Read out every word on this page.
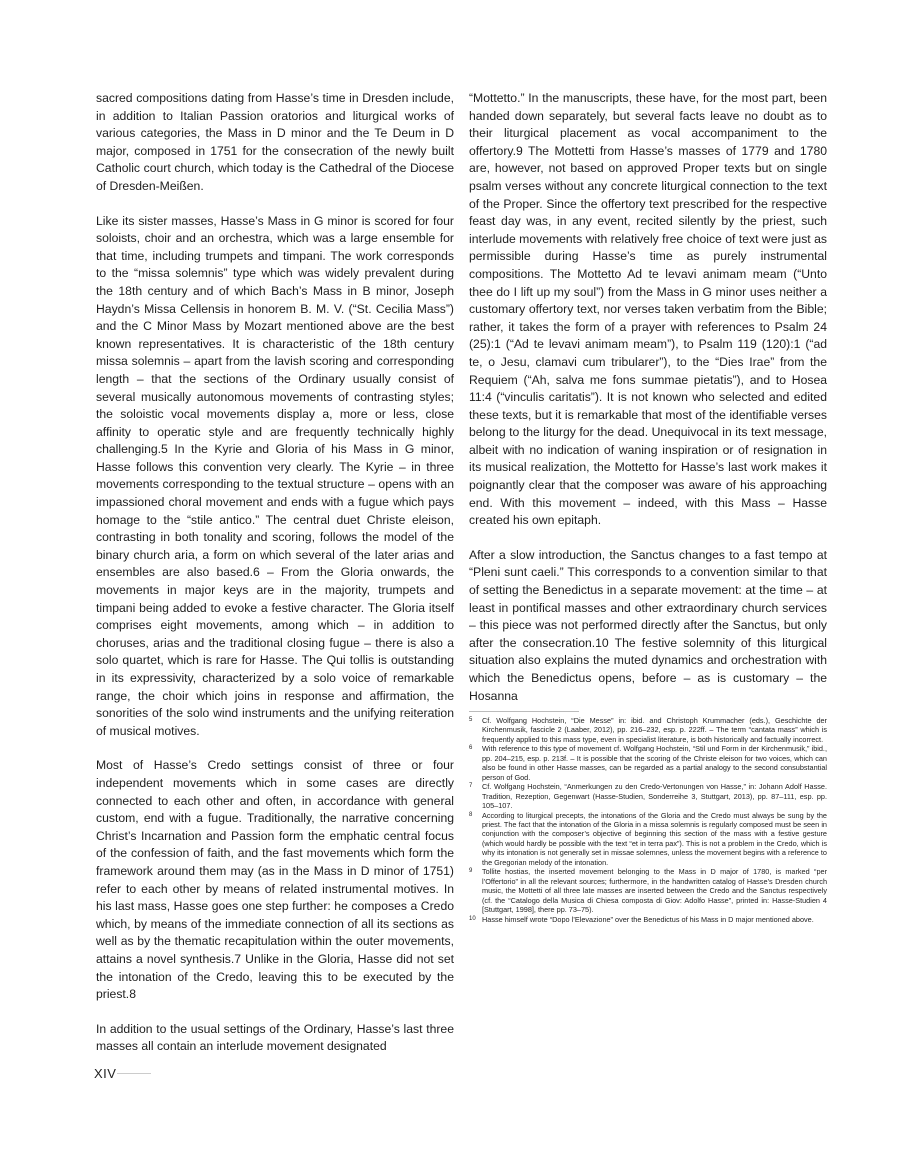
sacred compositions dating from Hasse’s time in Dresden include, in addition to Italian Passion oratorios and liturgical works of various categories, the Mass in D minor and the Te Deum in D major, composed in 1751 for the consecration of the newly built Catholic court church, which today is the Cathedral of the Diocese of Dresden-Meißen.

Like its sister masses, Hasse’s Mass in G minor is scored for four soloists, choir and an orchestra, which was a large ensemble for that time, including trumpets and timpani. The work corresponds to the “missa solemnis” type which was widely prevalent during the 18th century and of which Bach’s Mass in B minor, Joseph Haydn’s Missa Cellensis in honorem B. M. V. (“St. Cecilia Mass”) and the C Minor Mass by Mozart mentioned above are the best known representatives. It is characteristic of the 18th century missa solemnis – apart from the lavish scoring and corresponding length – that the sections of the Ordinary usually consist of several musically autonomous movements of contrasting styles; the soloistic vocal movements display a, more or less, close affinity to operatic style and are frequently technically highly challenging.5 In the Kyrie and Gloria of his Mass in G minor, Hasse follows this convention very clearly. The Kyrie – in three movements corresponding to the textual structure – opens with an impassioned choral movement and ends with a fugue which pays homage to the “stile antico.” The central duet Christe eleison, contrasting in both tonality and scoring, follows the model of the binary church aria, a form on which several of the later arias and ensembles are also based.6 – From the Gloria onwards, the movements in major keys are in the majority, trumpets and timpani being added to evoke a festive character. The Gloria itself comprises eight movements, among which – in addition to choruses, arias and the traditional closing fugue – there is also a solo quartet, which is rare for Hasse. The Qui tollis is outstanding in its expressivity, characterized by a solo voice of remarkable range, the choir which joins in response and affirmation, the sonorities of the solo wind instruments and the unifying reiteration of musical motives.

Most of Hasse’s Credo settings consist of three or four independent movements which in some cases are directly connected to each other and often, in accordance with general custom, end with a fugue. Traditionally, the narrative concerning Christ’s Incarnation and Passion form the emphatic central focus of the confession of faith, and the fast movements which form the framework around them may (as in the Mass in D minor of 1751) refer to each other by means of related instrumental motives. In his last mass, Hasse goes one step further: he composes a Credo which, by means of the immediate connection of all its sections as well as by the thematic recapitulation within the outer movements, attains a novel synthesis.7 Unlike in the Gloria, Hasse did not set the intonation of the Credo, leaving this to be executed by the priest.8

In addition to the usual settings of the Ordinary, Hasse’s last three masses all contain an interlude movement designated

“Mottetto.” In the manuscripts, these have, for the most part, been handed down separately, but several facts leave no doubt as to their liturgical placement as vocal accompaniment to the offertory.9 The Mottetti from Hasse’s masses of 1779 and 1780 are, however, not based on approved Proper texts but on single psalm verses without any concrete liturgical connection to the text of the Proper. Since the offertory text prescribed for the respective feast day was, in any event, recited silently by the priest, such interlude movements with relatively free choice of text were just as permissible during Hasse’s time as purely instrumental compositions. The Mottetto Ad te levavi animam meam (“Unto thee do I lift up my soul”) from the Mass in G minor uses neither a customary offertory text, nor verses taken verbatim from the Bible; rather, it takes the form of a prayer with references to Psalm 24 (25):1 (“Ad te levavi animam meam”), to Psalm 119 (120):1 (“ad te, o Jesu, clamavi cum tribularer”), to the “Dies Irae” from the Requiem (“Ah, salva me fons summae pietatis”), and to Hosea 11:4 (“vinculis caritatis”). It is not known who selected and edited these texts, but it is remarkable that most of the identifiable verses belong to the liturgy for the dead. Unequivocal in its text message, albeit with no indication of waning inspiration or of resignation in its musical realization, the Mottetto for Hasse’s last work makes it poignantly clear that the composer was aware of his approaching end. With this movement – indeed, with this Mass – Hasse created his own epitaph.

After a slow introduction, the Sanctus changes to a fast tempo at “Pleni sunt caeli.” This corresponds to a convention similar to that of setting the Benedictus in a separate movement: at the time – at least in pontifical masses and other extraordinary church services – this piece was not performed directly after the Sanctus, but only after the consecration.10 The festive solemnity of this liturgical situation also explains the muted dynamics and orchestration with which the Benedictus opens, before – as is customary – the Hosanna

5	Cf. Wolfgang Hochstein, “Die Messe” in: ibid. and Christoph Krummacher (eds.), Geschichte der Kirchenmusik, fascicle 2 (Laaber, 2012), pp. 216–232, esp. p. 222ff. – The term “cantata mass” which is frequently applied to this mass type, even in specialist literature, is both historically and factually incorrect.
6	With reference to this type of movement cf. Wolfgang Hochstein, “Stil und Form in der Kirchenmusik,” ibid., pp. 204–215, esp. p. 213f. – It is possible that the scoring of the Christe eleison for two voices, which can also be found in other Hasse masses, can be regarded as a partial analogy to the second consubstantial person of God.
7	Cf. Wolfgang Hochstein, “Anmerkungen zu den Credo-Vertonungen von Hasse,” in: Johann Adolf Hasse. Tradition, Rezeption, Gegenwart (Hasse-Studien, Sonderreihe 3, Stuttgart, 2013), pp. 87–111, esp. pp. 105–107.
8	According to liturgical precepts, the intonations of the Gloria and the Credo must always be sung by the priest. The fact that the intonation of the Gloria in a missa solemnis is regularly composed must be seen in conjunction with the composer’s objective of beginning this section of the mass with a festive gesture (which would hardly be possible with the text “et in terra pax”). This is not a problem in the Credo, which is why its intonation is not generally set in missae solemnes, unless the movement begins with a reference to the Gregorian melody of the intonation.
9	Tollite hostias, the inserted movement belonging to the Mass in D major of 1780, is marked “per l’Offertorio” in all the relevant sources; furthermore, in the handwritten catalog of Hasse’s Dresden church music, the Mottetti of all three late masses are inserted between the Credo and the Sanctus respectively (cf. the “Catalogo della Musica di Chiesa composta di Giov: Adolfo Hasse”, printed in: Hasse-Studien 4 [Stuttgart, 1998], there pp. 73–75).
10 Hasse himself wrote “Dopo l’Elevazione” over the Benedictus of his Mass in D major mentioned above.
XIV
